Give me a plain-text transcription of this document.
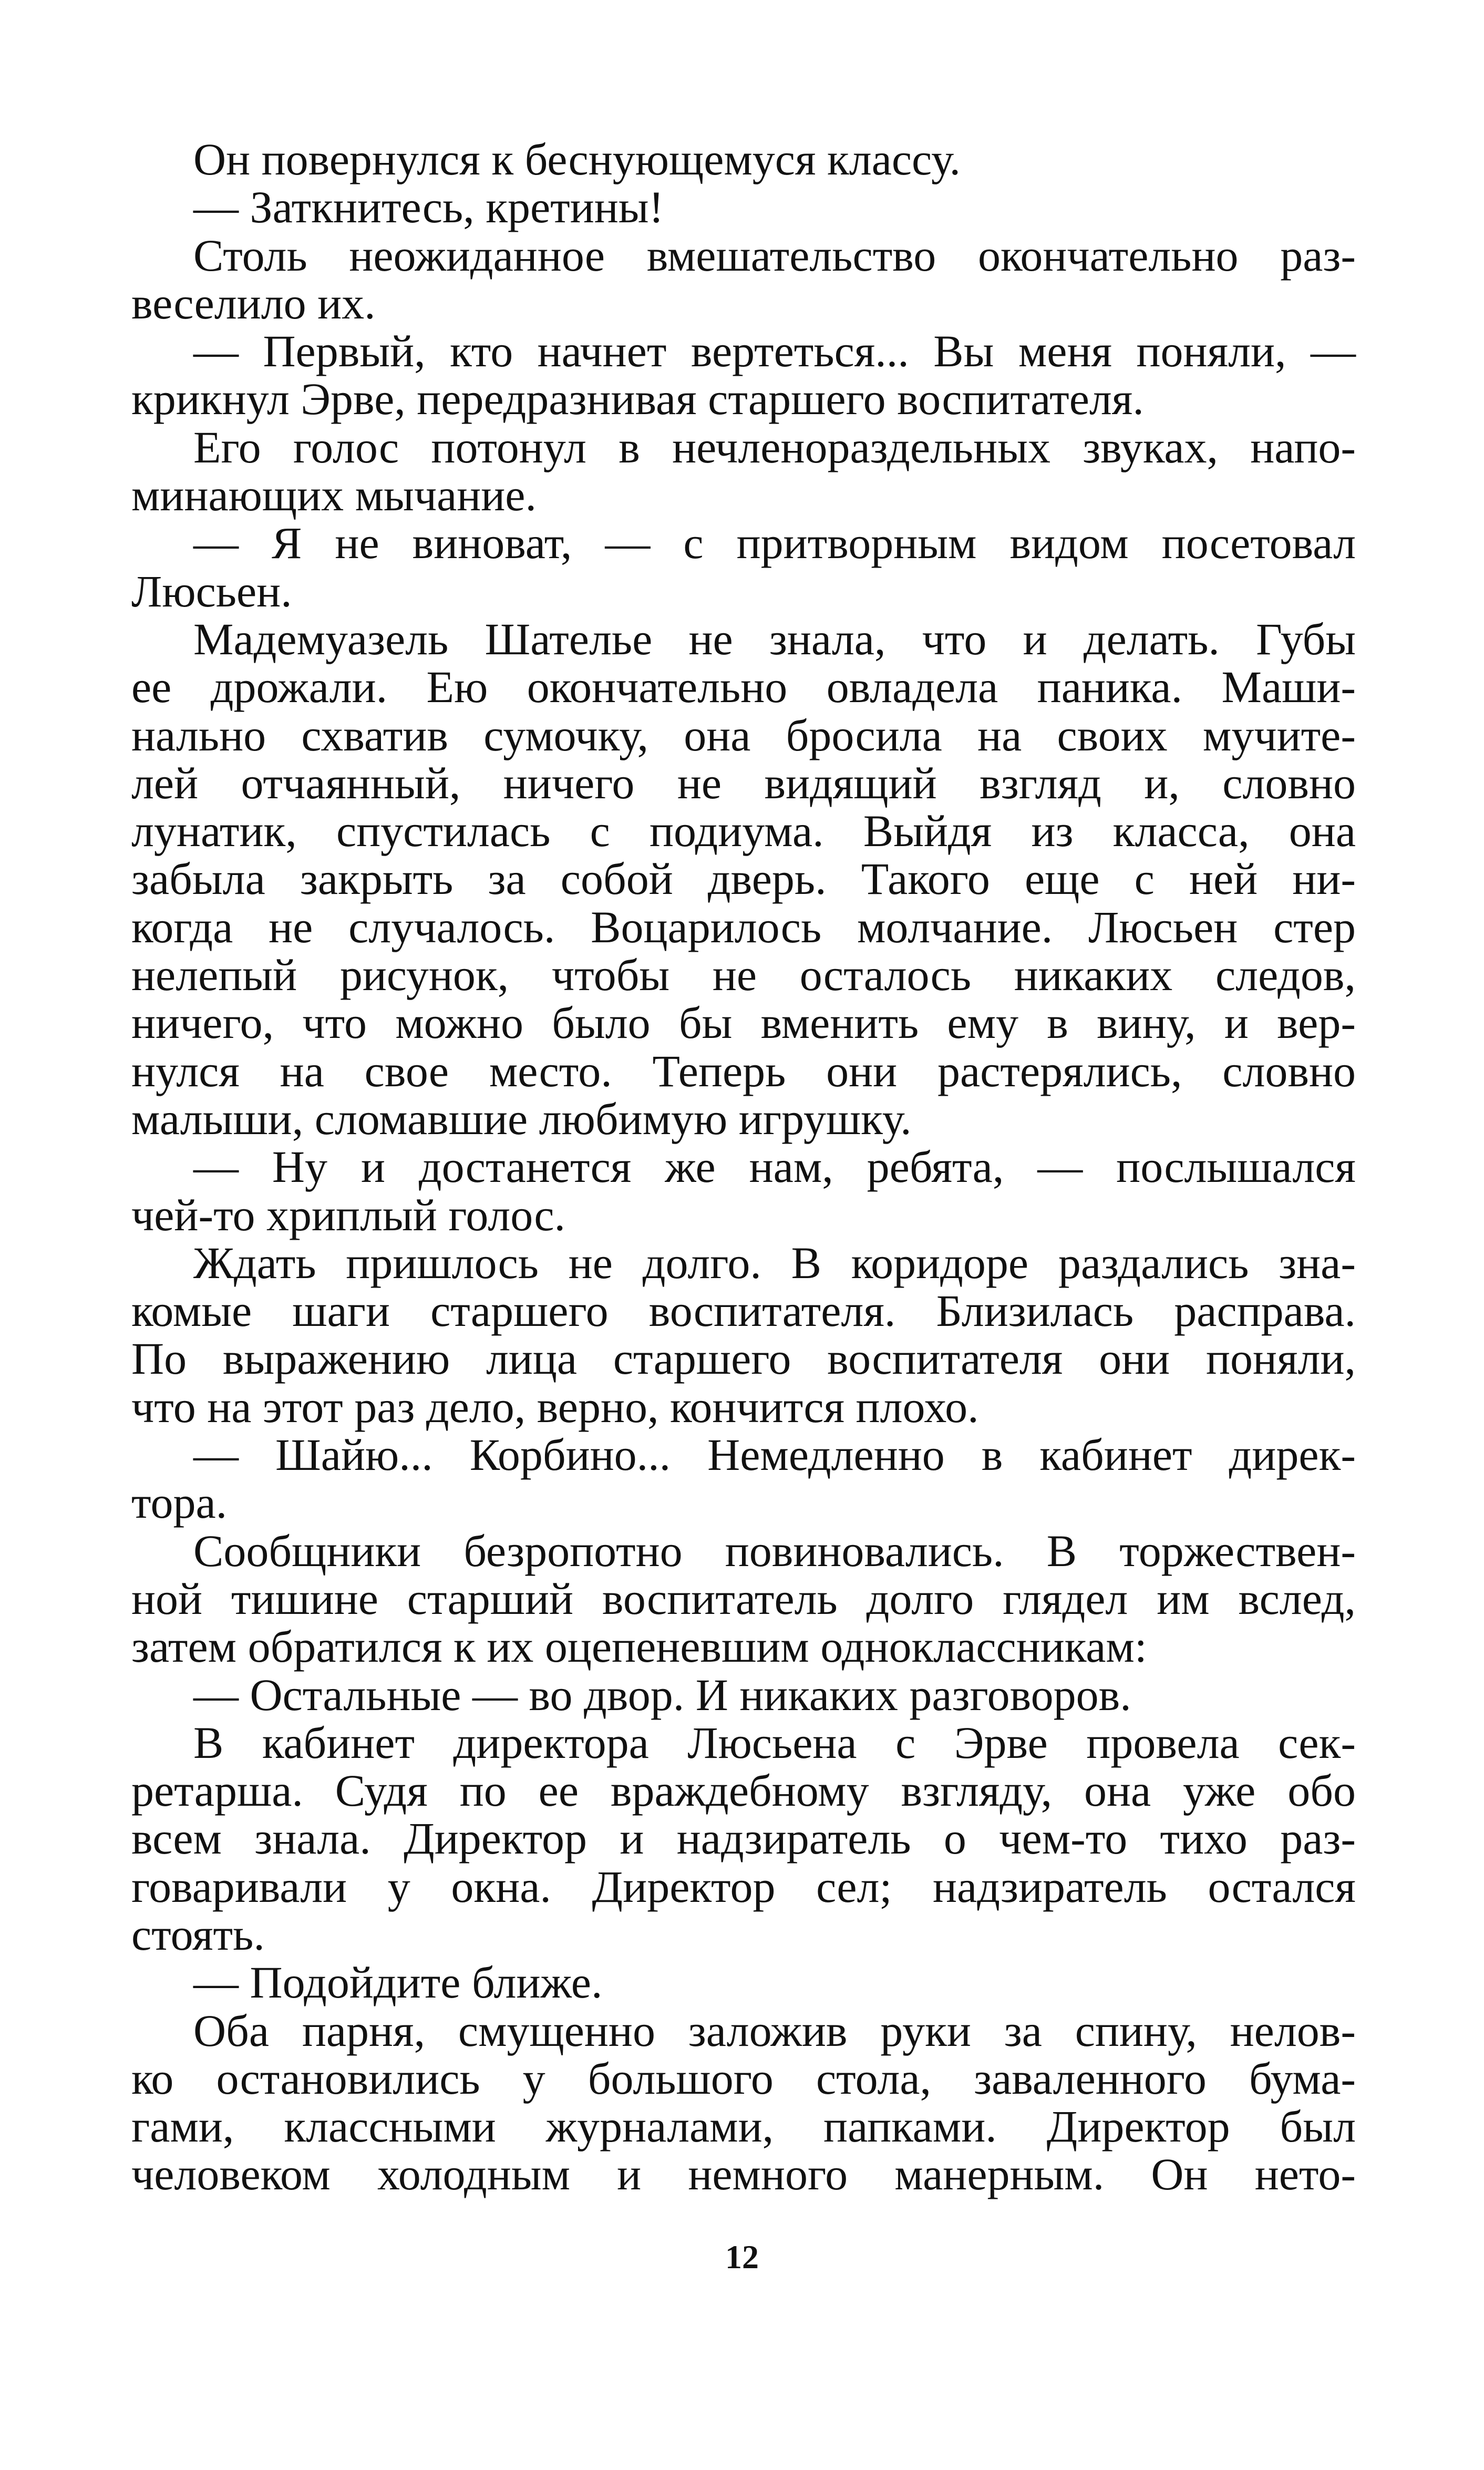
Он повернулся к беснующемуся классу.
— Заткнитесь, кретины!
Столь неожиданное вмешательство окончательно раз-
веселило их.
— Первый, кто начнет вертеться... Вы меня поняли, —
крикнул Эрве, передразнивая старшего воспитателя.
Его голос потонул в нечленораздельных звуках, напо-
минающих мычание.
— Я не виноват, — с притворным видом посетовал
Люсьен.
Мадемуазель Шателье не знала, что и делать. Губы
ее дрожали. Ею окончательно овладела паника. Маши-
нально схватив сумочку, она бросила на своих мучите-
лей отчаянный, ничего не видящий взгляд и, словно
лунатик, спустилась с подиума. Выйдя из класса, она
забыла закрыть за собой дверь. Такого еще с ней ни-
когда не случалось. Воцарилось молчание. Люсьен стер
нелепый рисунок, чтобы не осталось никаких следов,
ничего, что можно было бы вменить ему в вину, и вер-
нулся на свое место. Теперь они растерялись, словно
малыши, сломавшие любимую игрушку.
— Ну и достанется же нам, ребята, — послышался
чей-то хриплый голос.
Ждать пришлось не долго. В коридоре раздались зна-
комые шаги старшего воспитателя. Близилась расправа.
По выражению лица старшего воспитателя они поняли,
что на этот раз дело, верно, кончится плохо.
— Шайю... Корбино... Немедленно в кабинет дирек-
тора.
Сообщники безропотно повиновались. В торжествен-
ной тишине старший воспитатель долго глядел им вслед,
затем обратился к их оцепеневшим одноклассникам:
— Остальные — во двор. И никаких разговоров.
В кабинет директора Люсьена с Эрве провела сек-
ретарша. Судя по ее враждебному взгляду, она уже обо
всем знала. Директор и надзиратель о чем-то тихо раз-
говаривали у окна. Директор сел; надзиратель остался
стоять.
— Подойдите ближе.
Оба парня, смущенно заложив руки за спину, нелов-
ко остановились у большого стола, заваленного бума-
гами, классными журналами, папками. Директор был
человеком холодным и немного манерным. Он нето-
12
